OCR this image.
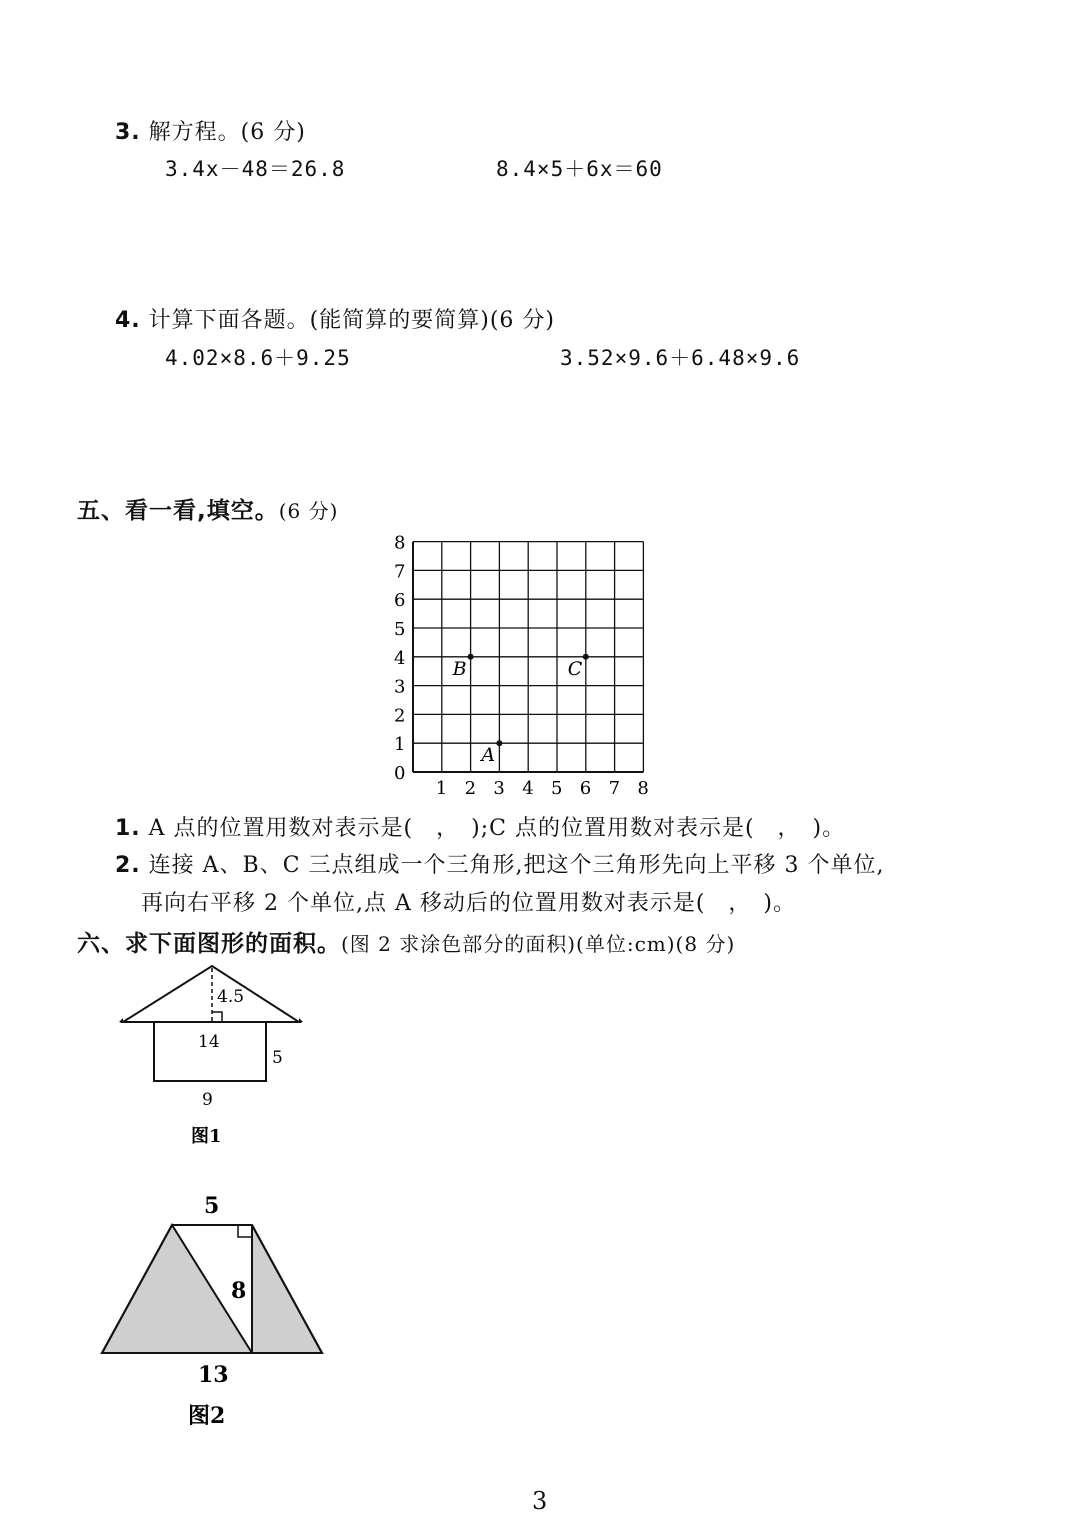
3. 解方程。(6 分)
3.4x－48＝26.8	8.4×5＋6x＝60
4. 计算下面各题。(能简算的要简算)(6 分)
4.02×8.6＋9.25	3.52×9.6＋6.48×9.6
五、看一看,填空。(6 分)
8
7
6
5
4
3
2
1
0
1 2 3 4 5 6 7 8
A
B	C
1. A 点的位置用数对表示是(　，　);C 点的位置用数对表示是(　，　)。
2. 连接 A、B、C 三点组成一个三角形,把这个三角形先向上平移 3 个单位,
再向右平移 2 个单位,点 A 移动后的位置用数对表示是(　，　)。
六、求下面图形的面积。(图 2 求涂色部分的面积)(单位:cm)(8 分)
4.5
14
5
9
图1
5
8
13
图2
3
